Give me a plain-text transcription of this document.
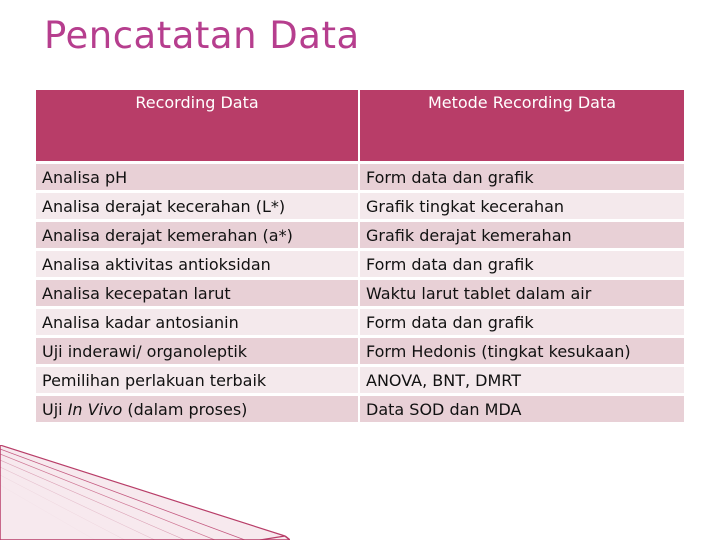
Pencatatan Data
Recording Data	Metode Recording Data
Analisa pH	Form data dan grafik
Analisa derajat kecerahan (L*)	Grafik tingkat kecerahan
Analisa derajat kemerahan (a*)	Grafik derajat kemerahan
Analisa aktivitas antioksidan	Form data dan grafik
Analisa kecepatan larut	Waktu larut tablet dalam air
Analisa kadar antosianin	Form data dan grafik
Uji inderawi/ organoleptik	Form Hedonis (tingkat kesukaan)
Pemilihan perlakuan terbaik	ANOVA, BNT, DMRT
Uji In Vivo (dalam proses)	Data SOD dan MDA
